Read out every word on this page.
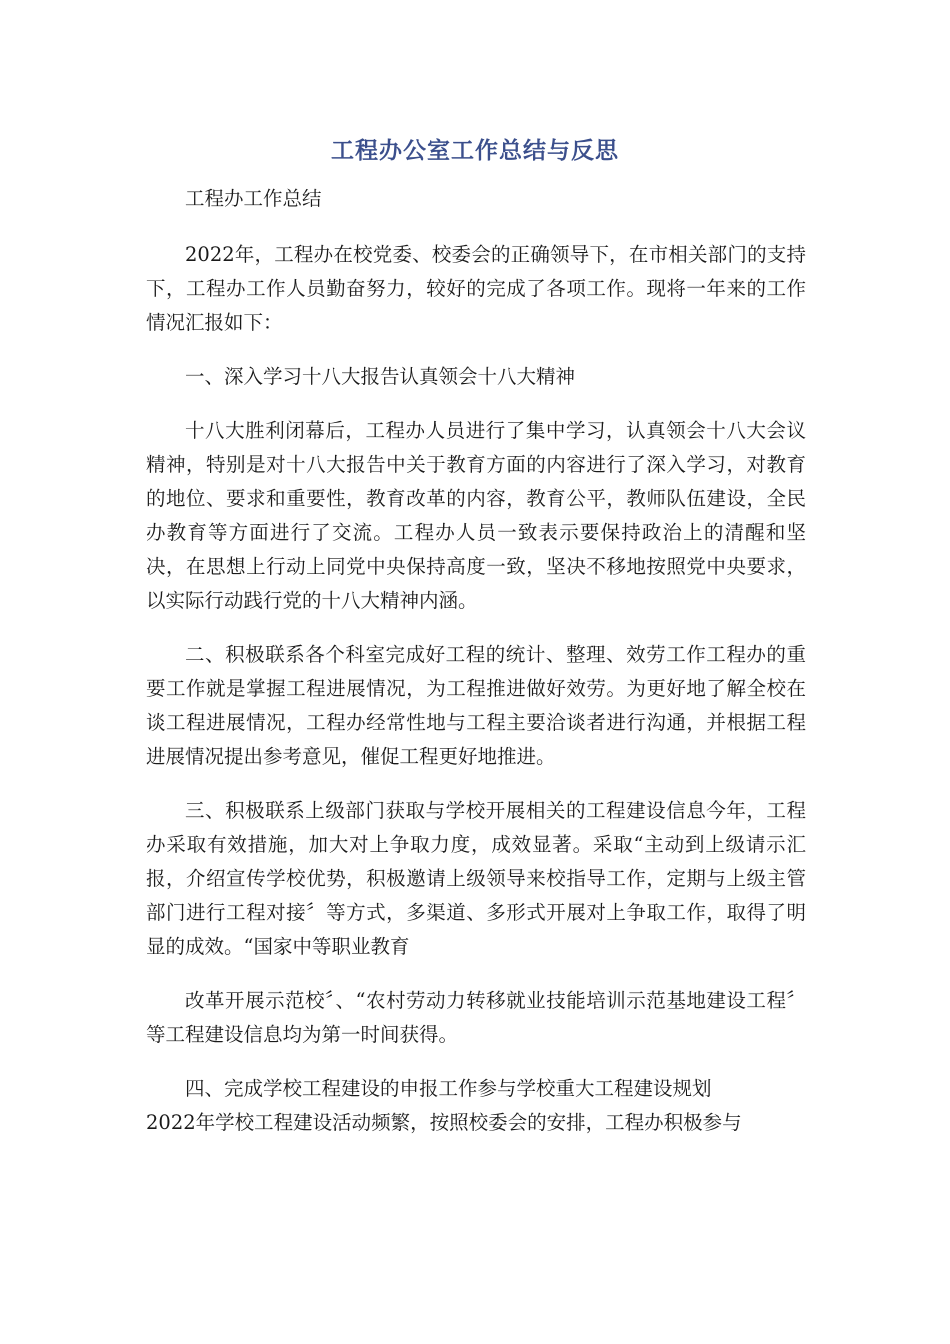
工程办公室工作总结与反思

工程办工作总结

2022年，工程办在校党委、校委会的正确领导下，在市相关部门的支持下，工程办工作人员勤奋努力，较好的完成了各项工作。现将一年来的工作情况汇报如下：

一、深入学习十八大报告认真领会十八大精神

十八大胜利闭幕后，工程办人员进行了集中学习，认真领会十八大会议精神，特别是对十八大报告中关于教育方面的内容进行了深入学习，对教育的地位、要求和重要性，教育改革的内容，教育公平，教师队伍建设，全民办教育等方面进行了交流。工程办人员一致表示要保持政治上的清醒和坚决，在思想上行动上同党中央保持高度一致，坚决不移地按照党中央要求，以实际行动践行党的十八大精神内涵。

二、积极联系各个科室完成好工程的统计、整理、效劳工作工程办的重要工作就是掌握工程进展情况，为工程推进做好效劳。为更好地了解全校在谈工程进展情况，工程办经常性地与工程主要洽谈者进行沟通，并根据工程进展情况提出参考意见，催促工程更好地推进。

三、积极联系上级部门获取与学校开展相关的工程建设信息今年，工程办采取有效措施，加大对上争取力度，成效显著。采取“主动到上级请示汇报，介绍宣传学校优势，积极邀请上级领导来校指导工作，定期与上级主管部门进行工程对接〞等方式，多渠道、多形式开展对上争取工作，取得了明显的成效。“国家中等职业教育

改革开展示范校〞、“农村劳动力转移就业技能培训示范基地建设工程〞等工程建设信息均为第一时间获得。

四、完成学校工程建设的申报工作参与学校重大工程建设规划

2022年学校工程建设活动频繁，按照校委会的安排，工程办积极参与
